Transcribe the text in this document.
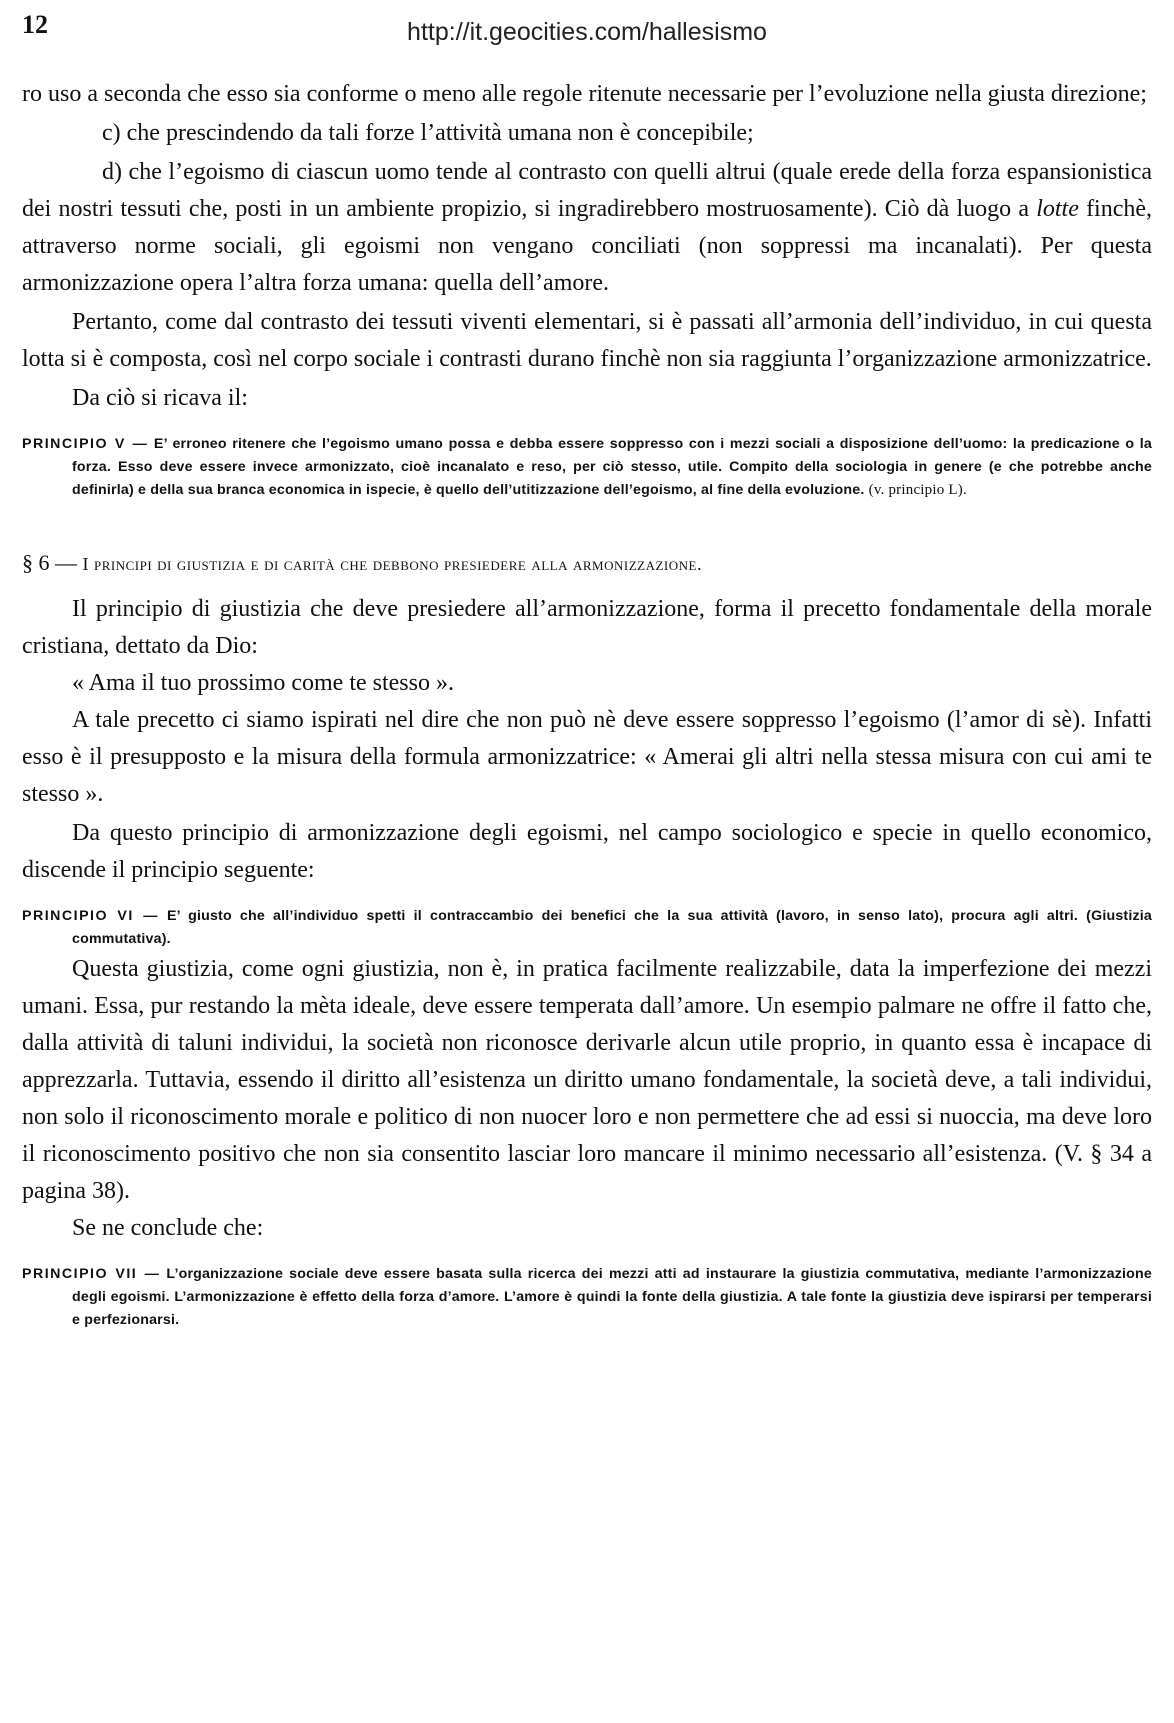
12	http://it.geocities.com/hallesismo

ro uso a seconda che esso sia conforme o meno alle regole ritenute necessarie per l’evoluzione nella giusta direzione;

c) che prescindendo da tali forze l’attività umana non è concepibile;

d) che l’egoismo di ciascun uomo tende al contrasto con quelli altrui (quale erede della forza espansionistica dei nostri tessuti che, posti in un ambiente propizio, si ingradirebbero mostruosamente). Ciò dà luogo a lotte finchè, attraverso norme sociali, gli egoismi non vengano conciliati (non soppressi ma incanalati). Per questa armonizzazione opera l’altra forza umana: quella dell’amore.

Pertanto, come dal contrasto dei tessuti viventi elementari, si è passati all’armonia dell’individuo, in cui questa lotta si è composta, così nel corpo sociale i contrasti durano finchè non sia raggiunta l’organizzazione armonizzatrice.

Da ciò si ricava il:

PRINCIPIO V — E’ erroneo ritenere che l’egoismo umano possa e debba essere soppresso con i mezzi sociali a disposizione dell’uomo: la predicazione o la forza. Esso deve essere invece armonizzato, cioè incanalato e reso, per ciò stesso, utile. Compito della sociologia in genere (e che potrebbe anche definirla) e della sua branca economica in ispecie, è quello dell’utitizzazione dell’egoismo, al fine della evoluzione. (v. principio L).
§ 6 — I principi di giustizia e di carità che debbono presiedere alla armonizzazione.

Il principio di giustizia che deve presiedere all’armonizzazione, forma il precetto fondamentale della morale cristiana, dettato da Dio:

« Ama il tuo prossimo come te stesso ».

A tale precetto ci siamo ispirati nel dire che non può nè deve essere soppresso l’egoismo (l’amor di sè). Infatti esso è il presupposto e la misura della formula armonizzatrice: « Amerai gli altri nella stessa misura con cui ami te stesso ».

Da questo principio di armonizzazione degli egoismi, nel campo sociologico e specie in quello economico, discende il principio seguente:

PRINCIPIO VI — E’ giusto che all’individuo spetti il contraccambio dei benefici che la sua attività (lavoro, in senso lato), procura agli altri. (Giustizia commutativa).

Questa giustizia, come ogni giustizia, non è, in pratica facilmente realizzabile, data la imperfezione dei mezzi umani. Essa, pur restando la mèta ideale, deve essere temperata dall’amore. Un esempio palmare ne offre il fatto che, dalla attività di taluni individui, la società non riconosce derivarle alcun utile proprio, in quanto essa è incapace di apprezzarla. Tuttavia, essendo il diritto all’esistenza un diritto umano fondamentale, la società deve, a tali individui, non solo il riconoscimento morale e politico di non nuocer loro e non permettere che ad essi si nuoccia, ma deve loro il riconoscimento positivo che non sia consentito lasciar loro mancare il minimo necessario all’esistenza. (V. § 34 a pagina 38).

Se ne conclude che:

PRINCIPIO VII — L’organizzazione sociale deve essere basata sulla ricerca dei mezzi atti ad instaurare la giustizia commutativa, mediante l’armonizzazione degli egoismi. L’armonizzazione è effetto della forza d’amore. L’amore è quindi la fonte della giustizia. A tale fonte la giustizia deve ispirarsi per temperarsi e perfezionarsi.
